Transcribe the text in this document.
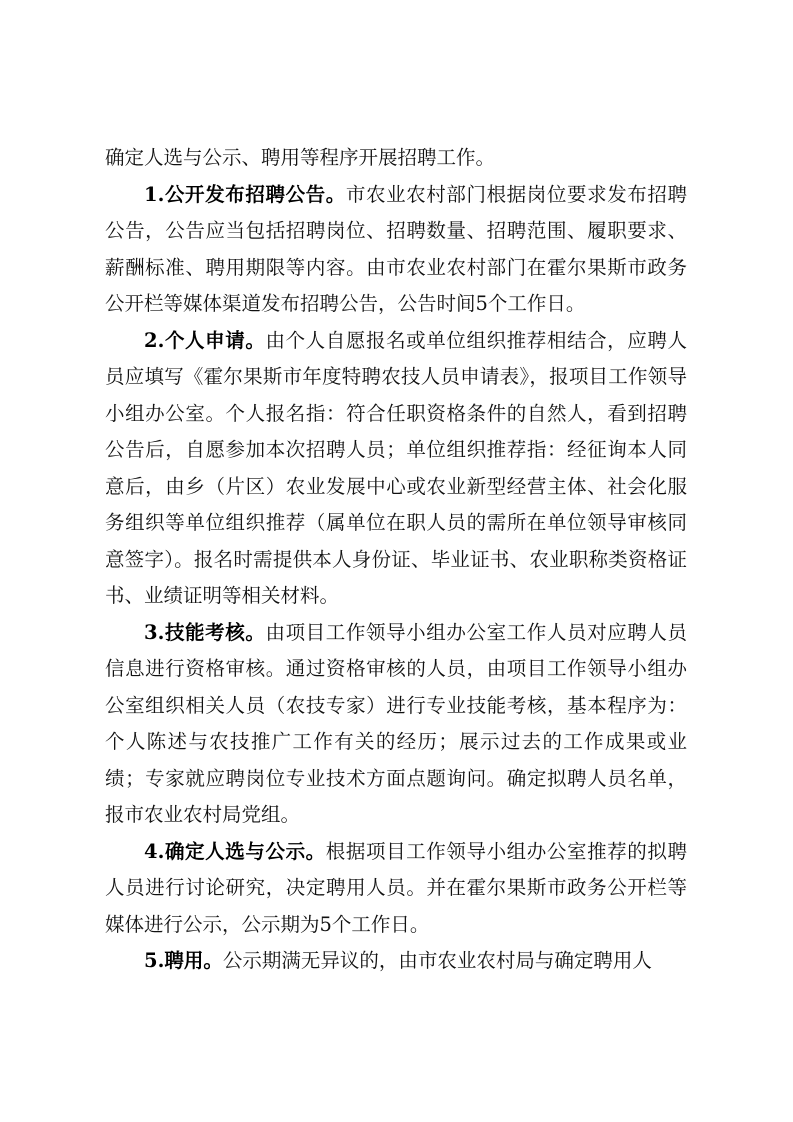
确定人选与公示、聘用等程序开展招聘工作。

1.公开发布招聘公告。市农业农村部门根据岗位要求发布招聘公告，公告应当包括招聘岗位、招聘数量、招聘范围、履职要求、薪酬标准、聘用期限等内容。由市农业农村部门在霍尔果斯市政务公开栏等媒体渠道发布招聘公告，公告时间5个工作日。

2.个人申请。由个人自愿报名或单位组织推荐相结合，应聘人员应填写《霍尔果斯市年度特聘农技人员申请表》，报项目工作领导小组办公室。个人报名指：符合任职资格条件的自然人，看到招聘公告后，自愿参加本次招聘人员；单位组织推荐指：经征询本人同意后，由乡（片区）农业发展中心或农业新型经营主体、社会化服务组织等单位组织推荐（属单位在职人员的需所在单位领导审核同意签字）。报名时需提供本人身份证、毕业证书、农业职称类资格证书、业绩证明等相关材料。

3.技能考核。由项目工作领导小组办公室工作人员对应聘人员信息进行资格审核。通过资格审核的人员，由项目工作领导小组办公室组织相关人员（农技专家）进行专业技能考核，基本程序为：个人陈述与农技推广工作有关的经历；展示过去的工作成果或业绩；专家就应聘岗位专业技术方面点题询问。确定拟聘人员名单，报市农业农村局党组。

4.确定人选与公示。根据项目工作领导小组办公室推荐的拟聘人员进行讨论研究，决定聘用人员。并在霍尔果斯市政务公开栏等媒体进行公示，公示期为5个工作日。

5.聘用。公示期满无异议的，由市农业农村局与确定聘用人
